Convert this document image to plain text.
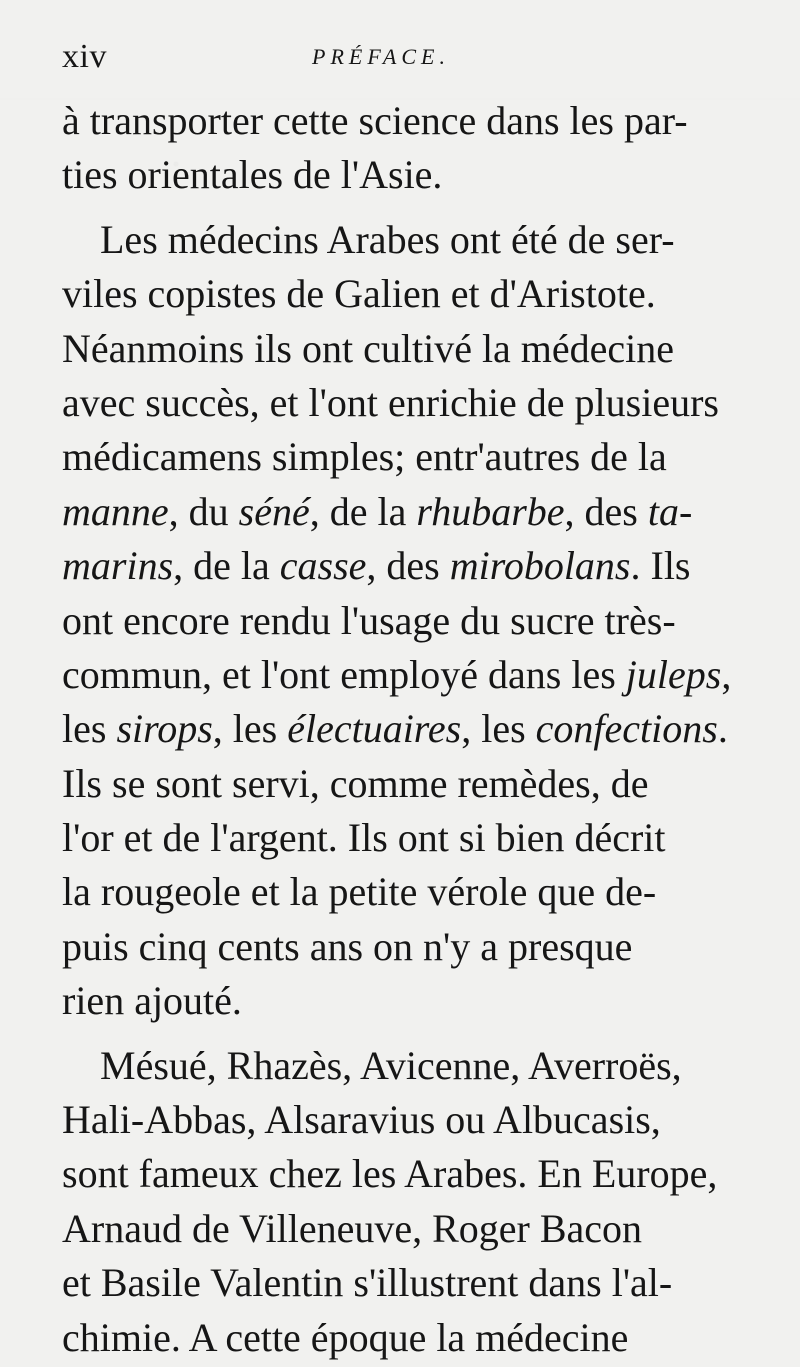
xiv	PRÉFACE.
à transporter cette science dans les par-
ties orientales de l'Asie.
Les médecins Arabes ont été de ser-
viles copistes de Galien et d'Aristote.
Néanmoins ils ont cultivé la médecine
avec succès, et l'ont enrichie de plusieurs
médicamens simples; entr'autres de la
manne, du séné, de la rhubarbe, des ta-
marins, de la casse, des mirobolans. Ils
ont encore rendu l'usage du sucre très-
commun, et l'ont employé dans les juleps,
les sirops, les électuaires, les confections.
Ils se sont servi, comme remèdes, de
l'or et de l'argent. Ils ont si bien décrit
la rougeole et la petite vérole que de-
puis cinq cents ans on n'y a presque
rien ajouté.
Mésué, Rhazès, Avicenne, Averroës,
Hali-Abbas, Alsaravius ou Albucasis,
sont fameux chez les Arabes. En Europe,
Arnaud de Villeneuve, Roger Bacon
et Basile Valentin s'illustrent dans l'al-
chimie. A cette époque la médecine
